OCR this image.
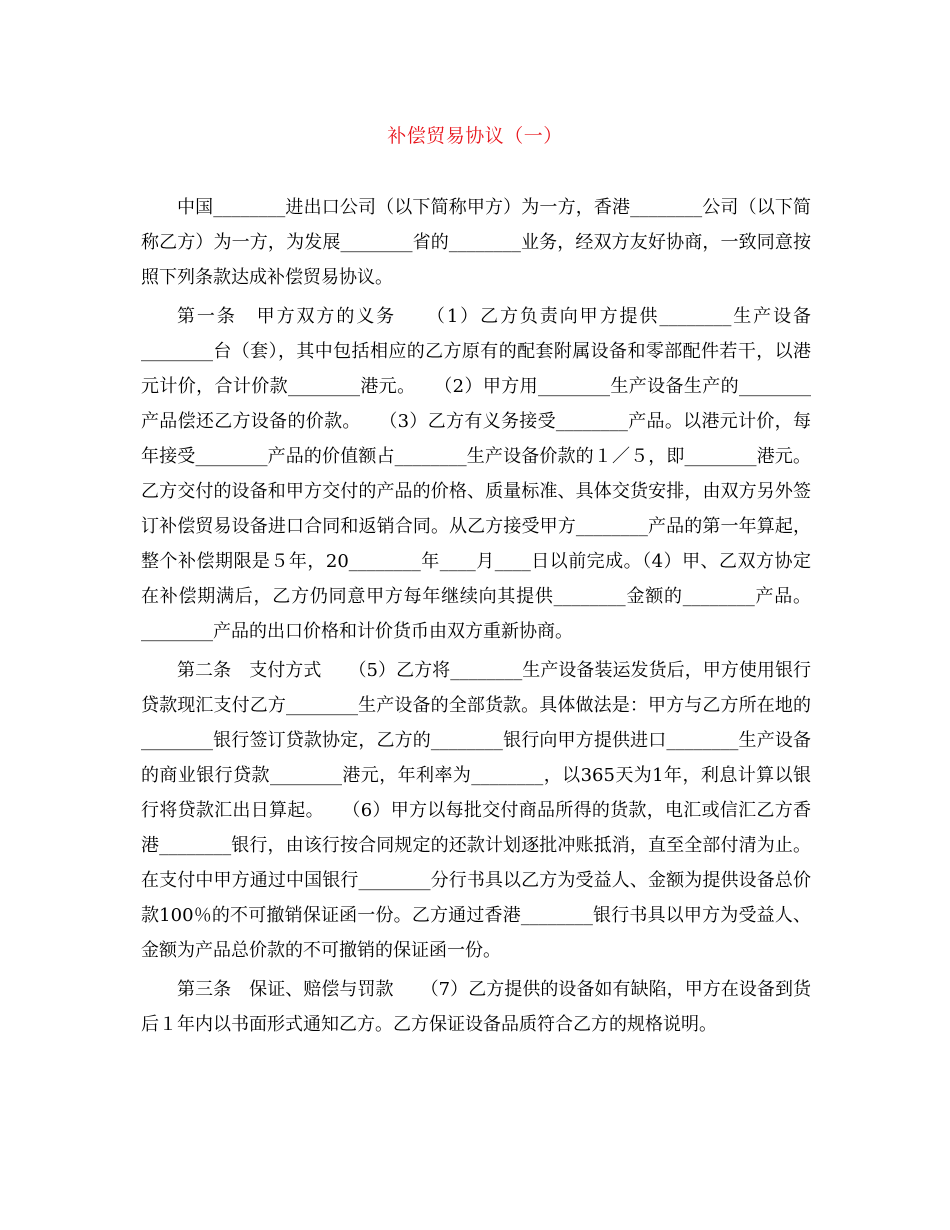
补偿贸易协议（一）

中国________进出口公司（以下简称甲方）为一方，香港________公司（以下简称乙方）为一方，为发展________省的________业务，经双方友好协商，一致同意按照下列条款达成补偿贸易协议。

第一条　甲方双方的义务　　（1）乙方负责向甲方提供________生产设备________台（套），其中包括相应的乙方原有的配套附属设备和零部配件若干，以港元计价，合计价款________港元。　　（2）甲方用________生产设备生产的________产品偿还乙方设备的价款。　　（3）乙方有义务接受________产品。以港元计价，每年接受________产品的价值额占________生产设备价款的１／５，即________港元。乙方交付的设备和甲方交付的产品的价格、质量标准、具体交货安排，由双方另外签订补偿贸易设备进口合同和返销合同。从乙方接受甲方________产品的第一年算起，整个补偿期限是５年，20________年____月____日以前完成。（4）甲、乙双方协定在补偿期满后，乙方仍同意甲方每年继续向其提供________金额的________产品。________产品的出口价格和计价货币由双方重新协商。

第二条　支付方式　　（5）乙方将________生产设备装运发货后，甲方使用银行贷款现汇支付乙方________生产设备的全部货款。具体做法是：甲方与乙方所在地的________银行签订贷款协定，乙方的________银行向甲方提供进口________生产设备的商业银行贷款________港元，年利率为________，以365天为1年，利息计算以银行将贷款汇出日算起。　　（6）甲方以每批交付商品所得的货款，电汇或信汇乙方香港________银行，由该行按合同规定的还款计划逐批冲账抵消，直至全部付清为止。在支付中甲方通过中国银行________分行书具以乙方为受益人、金额为提供设备总价款100％的不可撤销保证函一份。乙方通过香港________银行书具以甲方为受益人、金额为产品总价款的不可撤销的保证函一份。

第三条　保证、赔偿与罚款　　（7）乙方提供的设备如有缺陷，甲方在设备到货后１年内以书面形式通知乙方。乙方保证设备品质符合乙方的规格说明。
